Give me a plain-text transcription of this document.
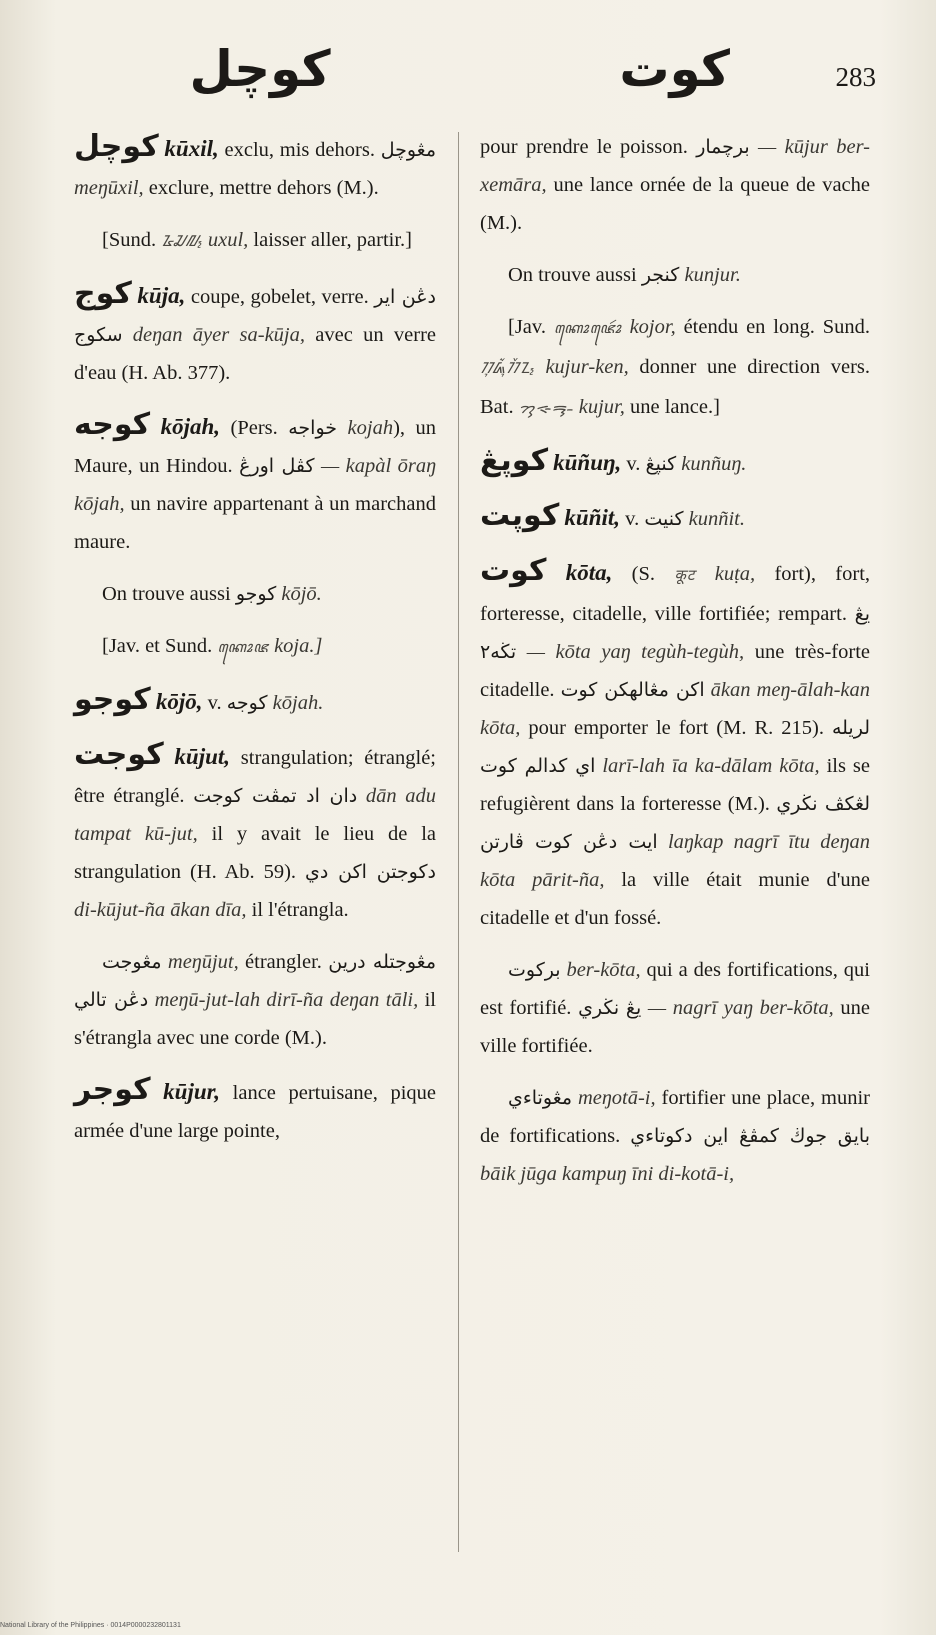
كوچل	كوت	283

كوچل kūxil, exclu, mis dehors. مڠوچل meŋūxil, exclure, mettre dehors (M.).

[Sund. ᮅᮎᮜ᮪ uxul, laisser aller, partir.]

كوج kūja, coupe, gobelet, verre. دڠن اير سكوج deŋan āyer sa-kūja, avec un verre d'eau (H. Ab. 377).

كوجه kōjah, (Pers. خواجه kojah), un Maure, un Hindou. كڤل اورڠ — kapàl ōraŋ kōjah, un navire appartenant à un marchand maure.

On trouve aussi كوجو kōjō.

[Jav. et Sund. ꦏꦺꦴꦗ koja.]

كوجو kōjō, v. كوجه kōjah.

كوجت kūjut, strangulation; étranglé; être étranglé. دان اد تمڤت كوجت dān adu tampat kū-jut, il y avait le lieu de la strangulation (H. Ab. 59). دكوجتن اكن دي di-kūjut-ña ākan dīa, il l'étrangla.

مڠوجت meŋūjut, étrangler. مڠوجتله درين دڠن تالي meŋū-jut-lah dirī-ña deŋan tāli, il s'étrangla avec une corde (M.).

كوجر kūjur, lance pertuisane, pique armée d'une large pointe,

pour prendre le poisson. برچمار — kūjur ber-xemāra, une lance ornée de la queue de vache (M.).

On trouve aussi كنجر kunjur.

[Jav. ꦏꦺꦴꦗꦺꦴꦂ kojor, étendu en long. Sund. ᮊᮥᮏᮥᮁᮊᮨᮔ᮪ kujur-ken, donner une direction vers. Bat. ᯂᯮᯐᯮᯒ᯳ kujur, une lance.]

كوڽڠ kūñuŋ, v. كنڽڠ kunñuŋ.

كوڽت kūñit, v. كنيت kunñit.

كوت kōta, (S. कूट kuṭa, fort), fort, forteresse, citadelle, ville fortifiée; rempart. يڠ تڬه٢ — kōta yaŋ tegùh-tegùh, une très-forte citadelle. اكن مڠالهكن كوت ākan meŋ-ālah-kan kōta, pour emporter le fort (M. R. 215). لريله اي كدالم كوت larī-lah īa ka-dālam kōta, ils se refugièrent dans la forteresse (M.). لڠكڤ نڬري ايت دڠن كوت ڤارتن laŋkap nagrī ītu deŋan kōta pārit-ña, la ville était munie d'une citadelle et d'un fossé.

بركوت ber-kōta, qui a des fortifications, qui est fortifié. نڬري يڠ — nagrī yaŋ ber-kōta, une ville fortifiée.

مڠوتاءي meŋotā-i, fortifier une place, munir de fortifications. بايق جوڬ كمڤڠ اين دكوتاءي bāik jūga kampuŋ īni di-kotā-i,

National Library of the Philippines · 0014P0000232801131
